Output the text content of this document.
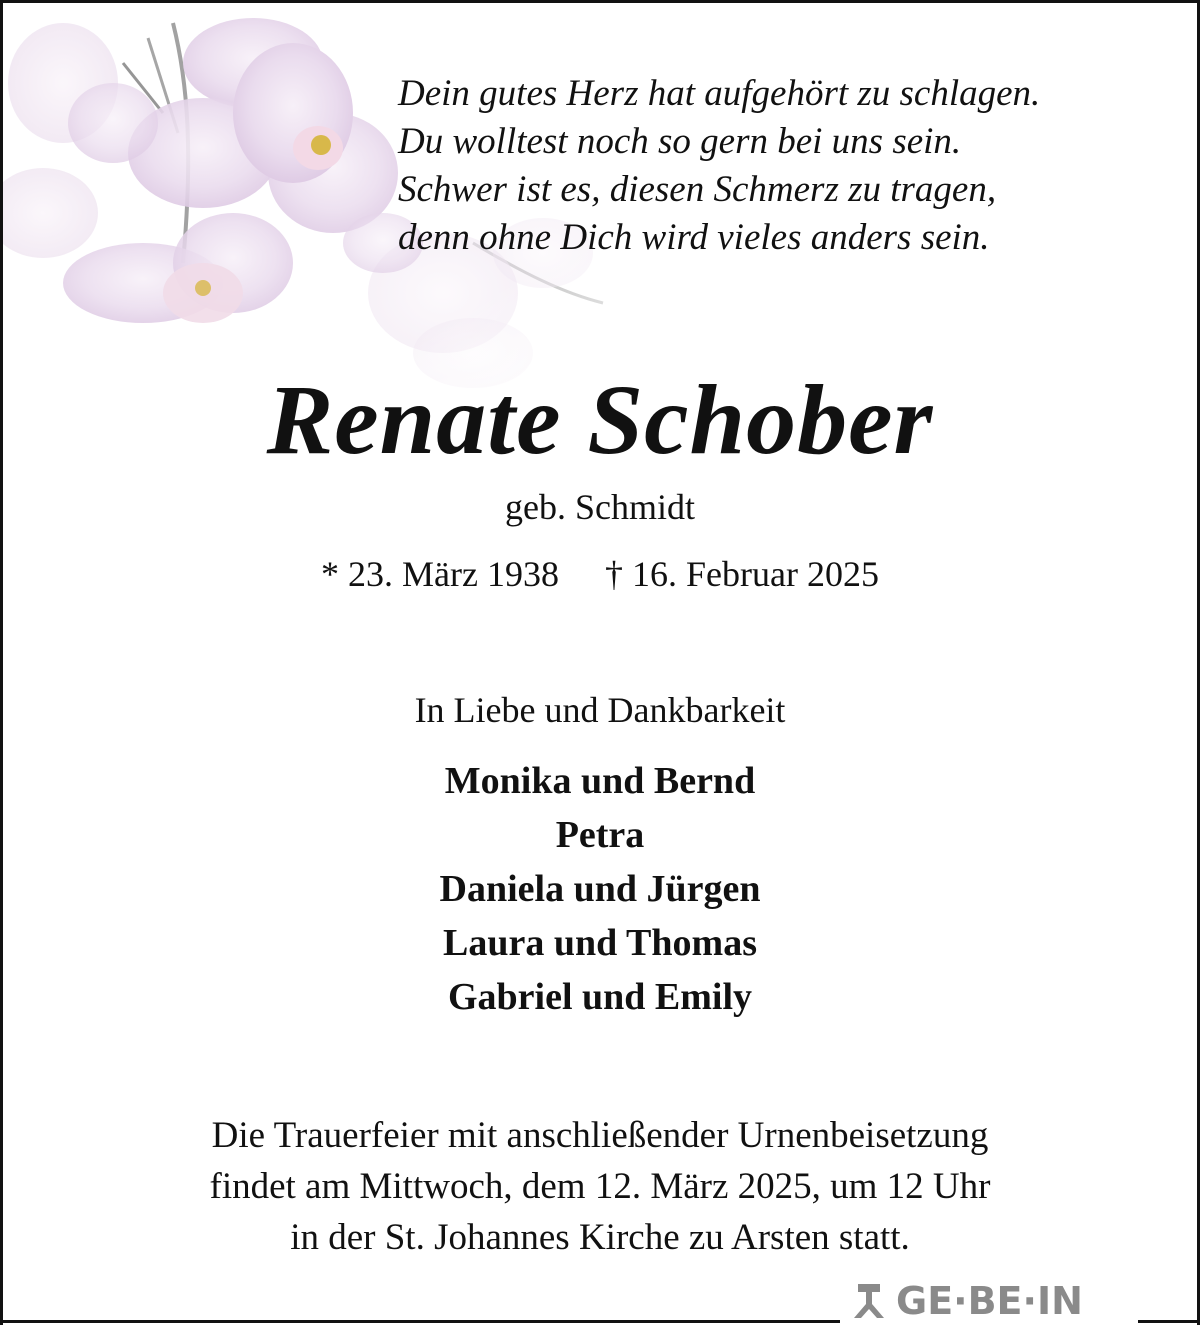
Dein gutes Herz hat aufgehört zu schlagen.
Du wolltest noch so gern bei uns sein.
Schwer ist es, diesen Schmerz zu tragen,
denn ohne Dich wird vieles anders sein.
Renate Schober
geb. Schmidt
* 23. März 1938 † 16. Februar 2025
In Liebe und Dankbarkeit
Monika und Bernd
Petra
Daniela und Jürgen
Laura und Thomas
Gabriel und Emily
Die Trauerfeier mit anschließender Urnenbeisetzung
findet am Mittwoch, dem 12. März 2025, um 12 Uhr
in der St. Johannes Kirche zu Arsten statt.
GE·BE·IN
